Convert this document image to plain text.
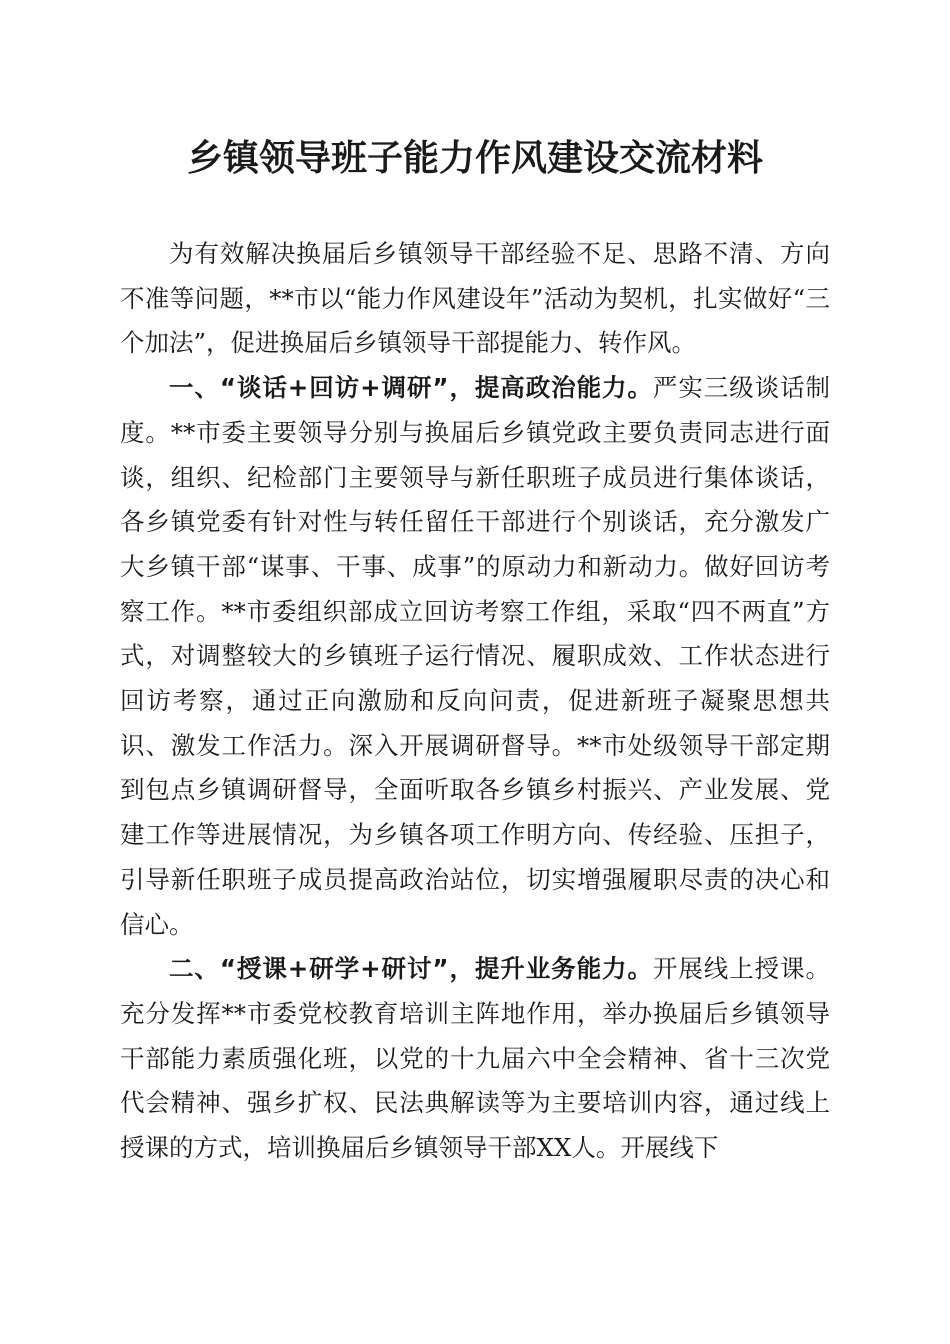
乡镇领导班子能力作风建设交流材料

为有效解决换届后乡镇领导干部经验不足、思路不清、方向不准等问题，**市以“能力作风建设年”活动为契机，扎实做好“三个加法”，促进换届后乡镇领导干部提能力、转作风。

一、“谈话+回访+调研”，提高政治能力。严实三级谈话制度。**市委主要领导分别与换届后乡镇党政主要负责同志进行面谈，组织、纪检部门主要领导与新任职班子成员进行集体谈话，各乡镇党委有针对性与转任留任干部进行个别谈话，充分激发广大乡镇干部“谋事、干事、成事”的原动力和新动力。做好回访考察工作。**市委组织部成立回访考察工作组，采取“四不两直”方式，对调整较大的乡镇班子运行情况、履职成效、工作状态进行回访考察，通过正向激励和反向问责，促进新班子凝聚思想共识、激发工作活力。深入开展调研督导。**市处级领导干部定期到包点乡镇调研督导，全面听取各乡镇乡村振兴、产业发展、党建工作等进展情况，为乡镇各项工作明方向、传经验、压担子，引导新任职班子成员提高政治站位，切实增强履职尽责的决心和信心。

二、“授课+研学+研讨”，提升业务能力。开展线上授课。充分发挥**市委党校教育培训主阵地作用，举办换届后乡镇领导干部能力素质强化班，以党的十九届六中全会精神、省十三次党代会精神、强乡扩权、民法典解读等为主要培训内容，通过线上授课的方式，培训换届后乡镇领导干部XX人。开展线下
